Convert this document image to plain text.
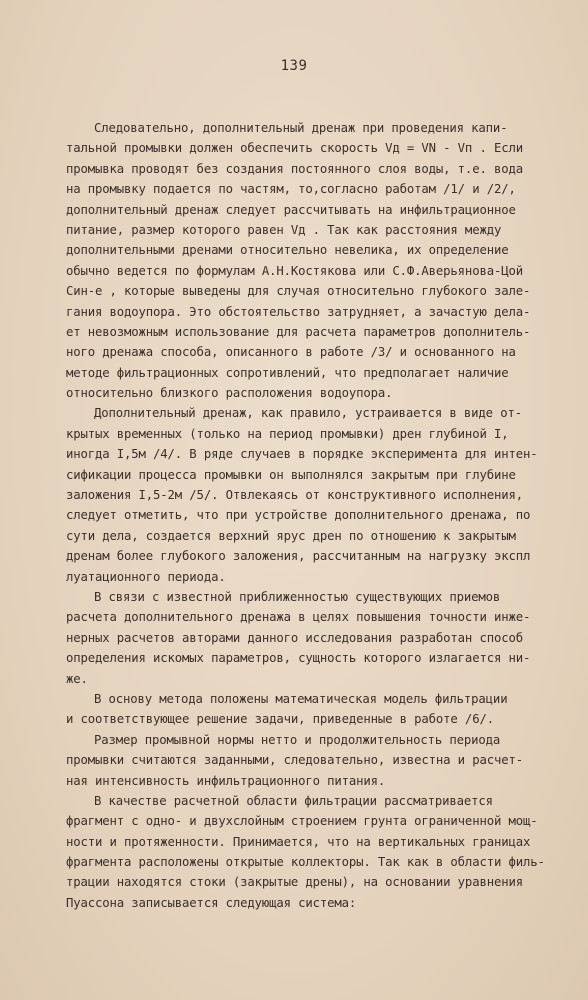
139
Следовательно, дополнительный дренаж при проведения капи-
тальной промывки должен обеспечить скорость Vд = VN - Vп . Если
промывка проводят без создания постоянного слоя воды, т.е. вода
на промывку подается по частям, то,согласно работам /1/ и /2/,
дополнительный дренаж следует рассчитывать на инфильтрационное
питание, размер которого равен Vд . Так как расстояния между
дополнительными дренами относительно невелика, их определение
обычно ведется по формулам А.Н.Костякова или С.Ф.Аверьянова-Цой
Син-е , которые выведены для случая относительно глубокого зале-
гания водоупора. Это обстоятельство затрудняет, а зачастую дела-
ет невозможным использование для расчета параметров дополнитель-
ного дренажа способа, описанного в работе /3/ и основанного на
методе фильтрационных сопротивлений, что предполагает наличие
относительно близкого расположения водоупора.
Дополнительный дренаж, как правило, устраивается в виде от-
крытых временных (только на период промывки) дрен глубиной I,
иногда I,5м /4/. В ряде случаев в порядке эксперимента для интен-
сификации процесса промывки он выполнялся закрытым при глубине
заложения I,5-2м /5/. Отвлекаясь от конструктивного исполнения,
следует отметить, что при устройстве дополнительного дренажа, по
сути дела, создается верхний ярус дрен по отношению к закрытым
дренам более глубокого заложения, рассчитанным на нагрузку экспл
луатационного периода.
В связи с известной приближенностью существующих приемов
расчета дополнительного дренажа в целях повышения точности инже-
нерных расчетов авторами данного исследования разработан способ
определения искомых параметров, сущность которого излагается ни-
же.
В основу метода положены математическая модель фильтрации
и соответствующее решение задачи, приведенные в работе /6/.
Размер промывной нормы нетто и продолжительность периода
промывки считаются заданными, следовательно, известна и расчет-
ная интенсивность инфильтрационного питания.
В качестве расчетной области фильтрации рассматривается
фрагмент с одно- и двухслойным строением грунта ограниченной мощ-
ности и протяженности. Принимается, что на вертикальных границах
фрагмента расположены открытые коллекторы. Так как в области филь-
трации находятся стоки (закрытые дрены), на основании уравнения
Пуассона записывается следующая система:
